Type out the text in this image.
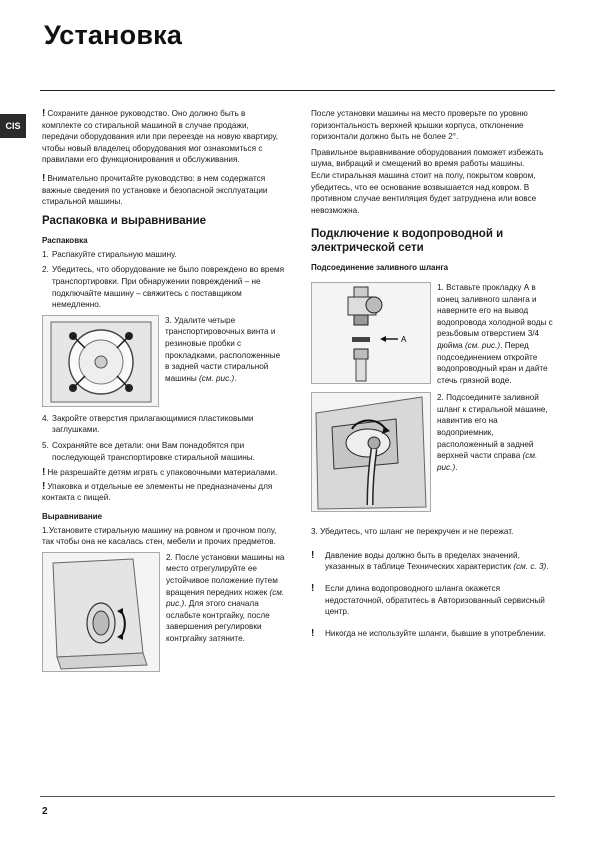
Установка
CIS

! Сохраните данное руководство. Оно должно быть в комплекте со стиральной машиной в случае продажи, передачи оборудования или при переезде на новую квартиру, чтобы новый владелец оборудования мог ознакомиться с правилами его функционирования и обслуживания.

! Внимательно прочитайте руководство: в нем содержатся важные сведения по установке и безопасной эксплуатации стиральной машины.

Распаковка и выравнивание
Распаковка
1. Распакуйте стиральную машину.
2. Убедитесь, что оборудование не было повреждено во время транспортировки. При обнаружении повреждений – не подключайте машину – свяжитесь с поставщиком немедленно.
3. Удалите четыре транспортировочных винта и резиновые пробки с прокладками, расположенные в задней части стиральной машины (см. рис.).
4. Закройте отверстия прилагающимися пластиковыми заглушками.
5. Сохраняйте все детали: они Вам понадобятся при последующей транспортировке стиральной машины.

! Не разрешайте детям играть с упаковочными материалами.

! Упаковка и отдельные ее элементы не предназначены для контакта с пищей.

Выравнивание

1.Установите стиральную машину на ровном и прочном полу, так чтобы она не касалась стен, мебели и прочих предметов.

2. После установки машины на место отрегулируйте ее устойчивое положение путем вращения передних ножек (см. рис.). Для этого сначала ослабьте контргайку, после завершения регулировки контргайку затяните.

После установки машины на место проверьте по уровню горизонтальность верхней крышки корпуса, отклонение горизонтали должно быть не более 2°.

Правильное выравнивание оборудования поможет избежать шума, вибраций и смещений во время работы машины.

Если стиральная машина стоит на полу, покрытом ковром, убедитесь, что ее основание возвышается над ковром. В противном случае вентиляция будет затруднена или вовсе невозможна.

Подключение к водопроводной и электрической сети
Подсоединение заливного шланга
A
1. Вставьте прокладку А в конец заливного шланга и наверните его на вывод водопровода холодной воды с резьбовым отверстием 3/4 дюйма (см. рис.). Перед подсоединением откройте водопроводный кран и дайте стечь грязной воде.
2. Подсоедините заливной шланг к стиральной машине, навинтив его на водоприемник, расположенный в задней верхней части справа (см. рис.).

3. Убедитесь, что шланг не перекручен и не пережат.

!	Давление воды должно быть в пределах значений, указанных в таблице Технических характеристик (см. с. 3).
!	Если длина водопроводного шланга окажется недостаточной, обратитесь в Авторизованный сервисный центр.
!	Никогда не используйте шланги, бывшие в употреблении.
2
